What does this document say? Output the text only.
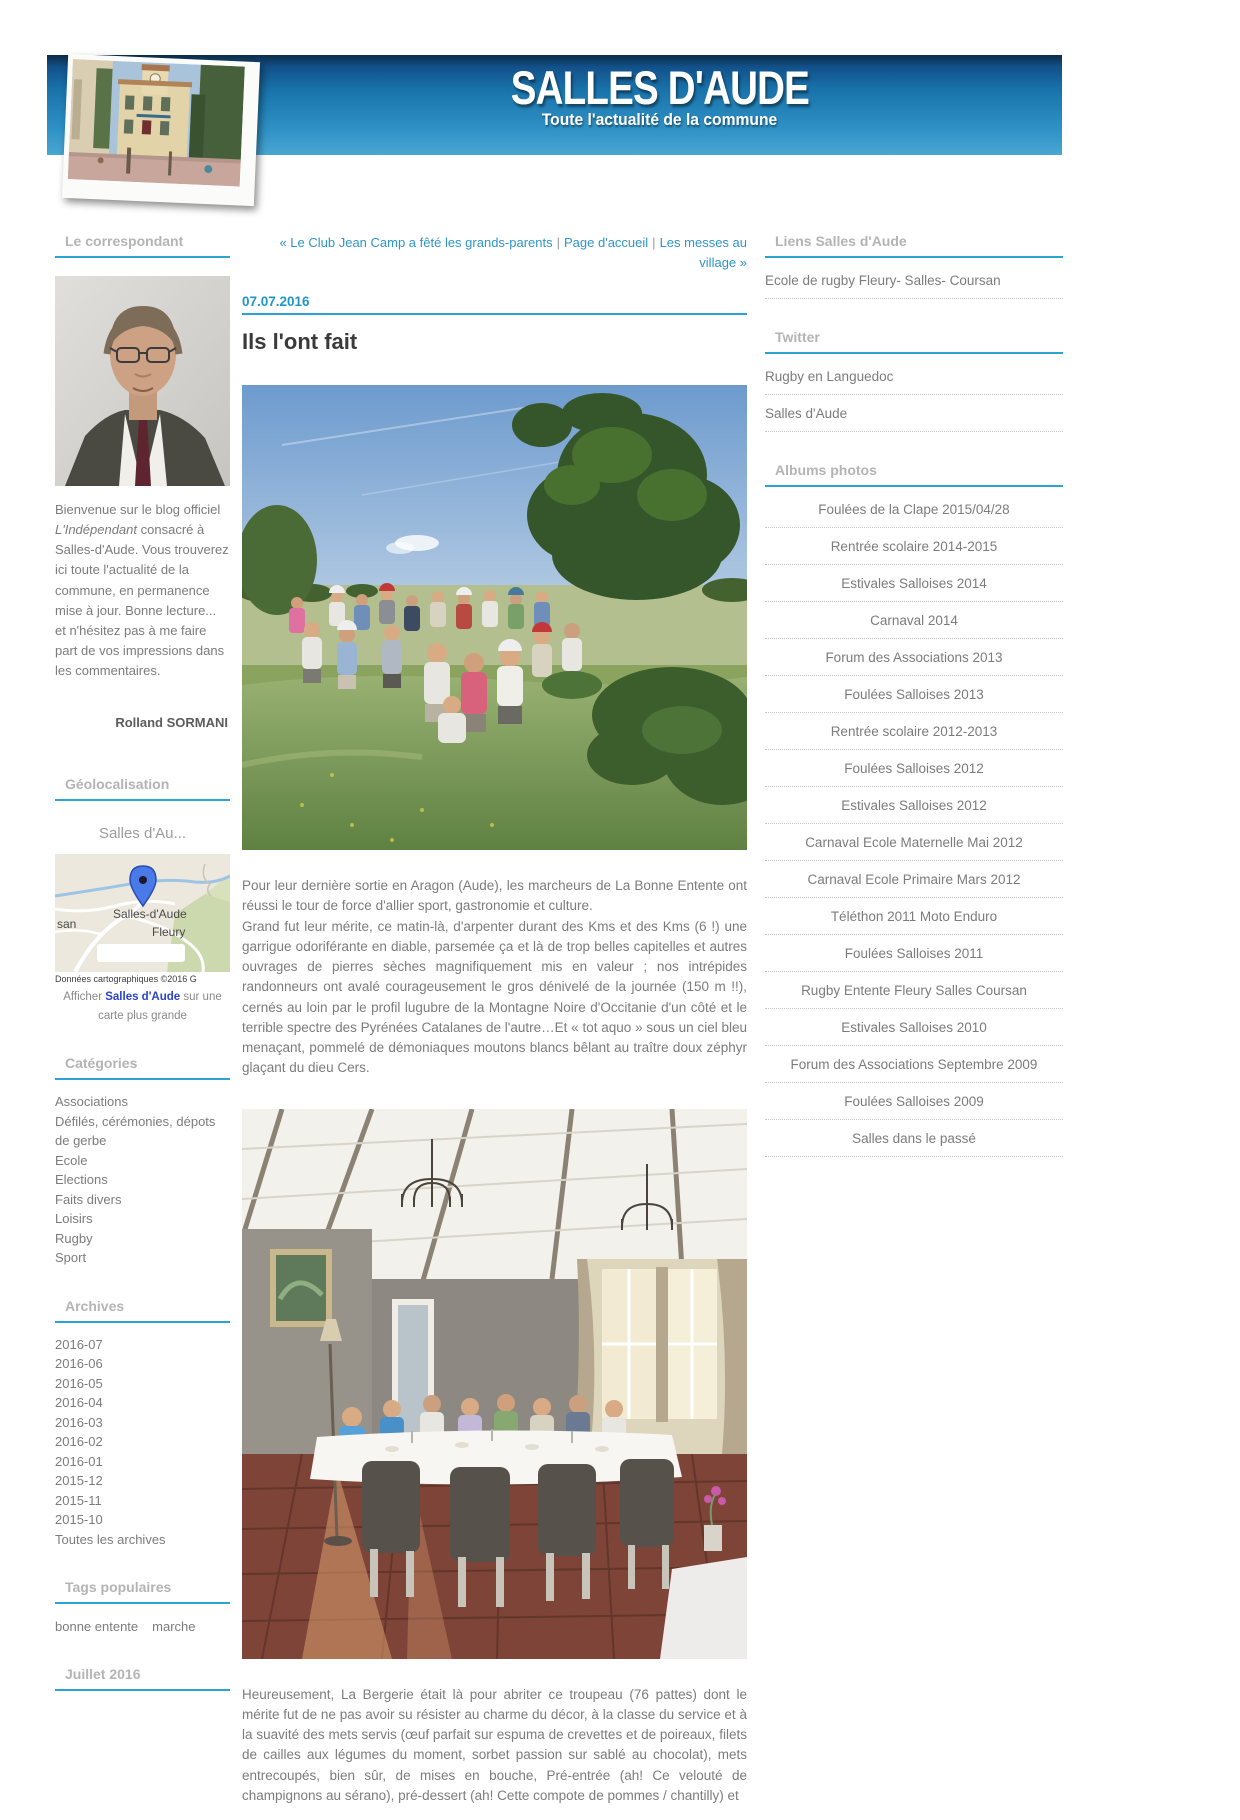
SALLES D'AUDE
Toute l'actualité de la commune
Le correspondant

Bienvenue sur le blog officiel L'Indépendant consacré à Salles-d'Aude. Vous trouverez ici toute l'actualité de la commune, en permanence mise à jour. Bonne lecture... et n'hésitez pas à me faire part de vos impressions dans les commentaires.

Rolland SORMANI
Géolocalisation
Salles d'Au...
Salles-d'Aude
Fleury
san
Données cartographiques ©2016 G
Afficher Salles d'Aude sur une carte plus grande
Catégories
Associations
Défilés, cérémonies, dépots de gerbe
Ecole
Elections
Faits divers
Loisirs
Rugby
Sport
Archives
2016-07
2016-06
2016-05
2016-04
2016-03
2016-02
2016-01
2015-12
2015-11
2015-10
Toutes les archives
Tags populaires
bonne entente marche
Juillet 2016
« Le Club Jean Camp a fêté les grands-parents | Page d'accueil | Les messes au village »
07.07.2016
Ils l'ont fait

Pour leur dernière sortie en Aragon (Aude), les marcheurs de La Bonne Entente ont réussi le tour de force d'allier sport, gastronomie et culture.
Grand fut leur mérite, ce matin-là, d'arpenter durant des Kms et des Kms (6 !) une garrigue odoriférante en diable, parsemée ça et là de trop belles capitelles et autres ouvrages de pierres sèches magnifiquement mis en valeur ; nos intrépides randonneurs ont avalé courageusement le gros dénivelé de la journée (150 m !!), cernés au loin par le profil lugubre de la Montagne Noire d'Occitanie d'un côté et le terrible spectre des Pyrénées Catalanes de l'autre…Et « tot aquo » sous un ciel bleu menaçant, pommelé de démoniaques moutons blancs bêlant au traître doux zéphyr glaçant du dieu Cers.

Heureusement, La Bergerie était là pour abriter ce troupeau (76 pattes) dont le mérite fut de ne pas avoir su résister au charme du décor, à la classe du service et à la suavité des mets servis (œuf parfait sur espuma de crevettes et de poireaux, filets de cailles aux légumes du moment, sorbet passion sur sablé au chocolat), mets entrecoupés, bien sûr, de mises en bouche, Pré-entrée (ah! Ce velouté de champignons au sérano), pré-dessert (ah! Cette compote de pommes / chantilly) et

Liens Salles d'Aude
Ecole de rugby Fleury- Salles- Coursan
Twitter
Rugby en Languedoc
Salles d'Aude
Albums photos
Foulées de la Clape 2015/04/28
Rentrée scolaire 2014-2015
Estivales Salloises 2014
Carnaval 2014
Forum des Associations 2013
Foulées Salloises 2013
Rentrée scolaire 2012-2013
Foulées Salloises 2012
Estivales Salloises 2012
Carnaval Ecole Maternelle Mai 2012
Carnaval Ecole Primaire Mars 2012
Téléthon 2011 Moto Enduro
Foulées Salloises 2011
Rugby Entente Fleury Salles Coursan
Estivales Salloises 2010
Forum des Associations Septembre 2009
Foulées Salloises 2009
Salles dans le passé
